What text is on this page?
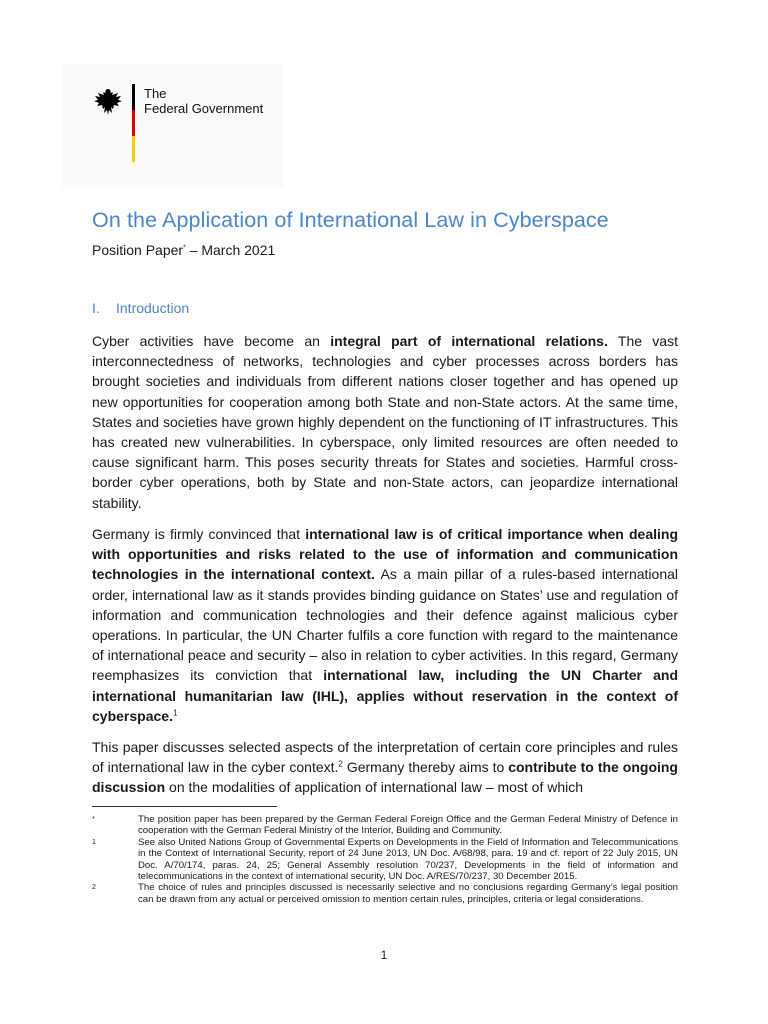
The
Federal Government
On the Application of International Law in Cyberspace
Position Paper* – March 2021
I. Introduction
Cyber activities have become an integral part of international relations. The vast interconnectedness of networks, technologies and cyber processes across borders has brought societies and individuals from different nations closer together and has opened up new opportunities for cooperation among both State and non-State actors. At the same time, States and societies have grown highly dependent on the functioning of IT infrastructures. This has created new vulnerabilities. In cyberspace, only limited resources are often needed to cause significant harm. This poses security threats for States and societies. Harmful cross-border cyber operations, both by State and non-State actors, can jeopardize international stability.
Germany is firmly convinced that international law is of critical importance when dealing with opportunities and risks related to the use of information and communication technologies in the international context. As a main pillar of a rules-based international order, international law as it stands provides binding guidance on States’ use and regulation of information and communication technologies and their defence against malicious cyber operations. In particular, the UN Charter fulfils a core function with regard to the maintenance of international peace and security – also in relation to cyber activities. In this regard, Germany reemphasizes its conviction that international law, including the UN Charter and international humanitarian law (IHL), applies without reservation in the context of cyberspace.$^1$
This paper discusses selected aspects of the interpretation of certain core principles and rules of international law in the cyber context.$^2$ Germany thereby aims to contribute to the ongoing discussion on the modalities of application of international law – most of which
*	The position paper has been prepared by the German Federal Foreign Office and the German Federal Ministry of Defence in cooperation with the German Federal Ministry of the Interior, Building and Community.
1	See also United Nations Group of Governmental Experts on Developments in the Field of Information and Telecommunications in the Context of International Security, report of 24 June 2013, UN Doc. A/68/98, para. 19 and cf. report of 22 July 2015, UN Doc. A/70/174, paras. 24, 25; General Assembly resolution 70/237, Developments in the field of information and telecommunications in the context of international security, UN Doc. A/RES/70/237, 30 December 2015.
2	The choice of rules and principles discussed is necessarily selective and no conclusions regarding Germany’s legal position can be drawn from any actual or perceived omission to mention certain rules, principles, criteria or legal considerations.
1
